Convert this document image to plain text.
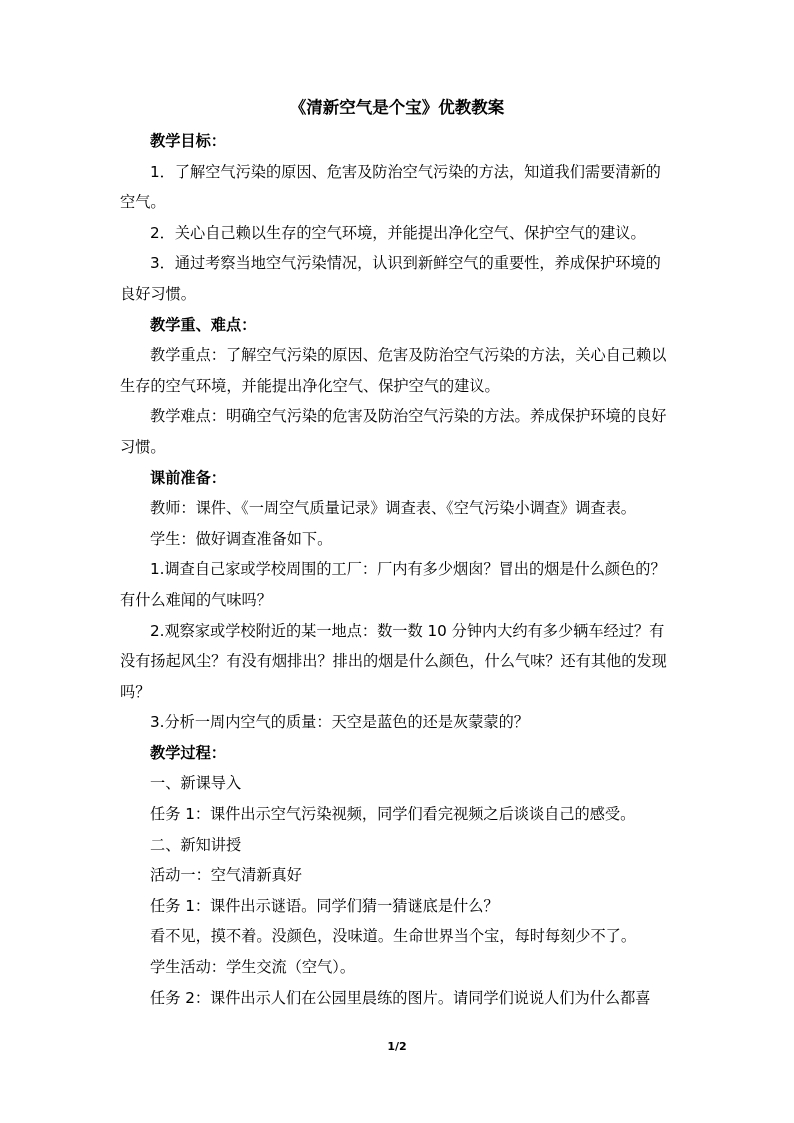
《清新空气是个宝》优教教案

教学目标：

1．了解空气污染的原因、危害及防治空气污染的方法，知道我们需要清新的空气。

2．关心自己赖以生存的空气环境，并能提出净化空气、保护空气的建议。

3．通过考察当地空气污染情况，认识到新鲜空气的重要性，养成保护环境的良好习惯。

教学重、难点：

教学重点：了解空气污染的原因、危害及防治空气污染的方法，关心自己赖以生存的空气环境，并能提出净化空气、保护空气的建议。

教学难点：明确空气污染的危害及防治空气污染的方法。养成保护环境的良好习惯。

课前准备：

教师：课件、《一周空气质量记录》调查表、《空气污染小调查》调查表。

学生：做好调查准备如下。

1.调查自己家或学校周围的工厂：厂内有多少烟囱？冒出的烟是什么颜色的？有什么难闻的气味吗？

2.观察家或学校附近的某一地点：数一数 10 分钟内大约有多少辆车经过？有没有扬起风尘？有没有烟排出？排出的烟是什么颜色，什么气味？还有其他的发现吗？

3.分析一周内空气的质量：天空是蓝色的还是灰蒙蒙的？

教学过程：

一、新课导入

任务 1：课件出示空气污染视频，同学们看完视频之后谈谈自己的感受。

二、新知讲授

活动一：空气清新真好

任务 1：课件出示谜语。同学们猜一猜谜底是什么？

看不见，摸不着。没颜色，没味道。生命世界当个宝，每时每刻少不了。

学生活动：学生交流（空气）。

任务 2：课件出示人们在公园里晨练的图片。请同学们说说人们为什么都喜

1/2
